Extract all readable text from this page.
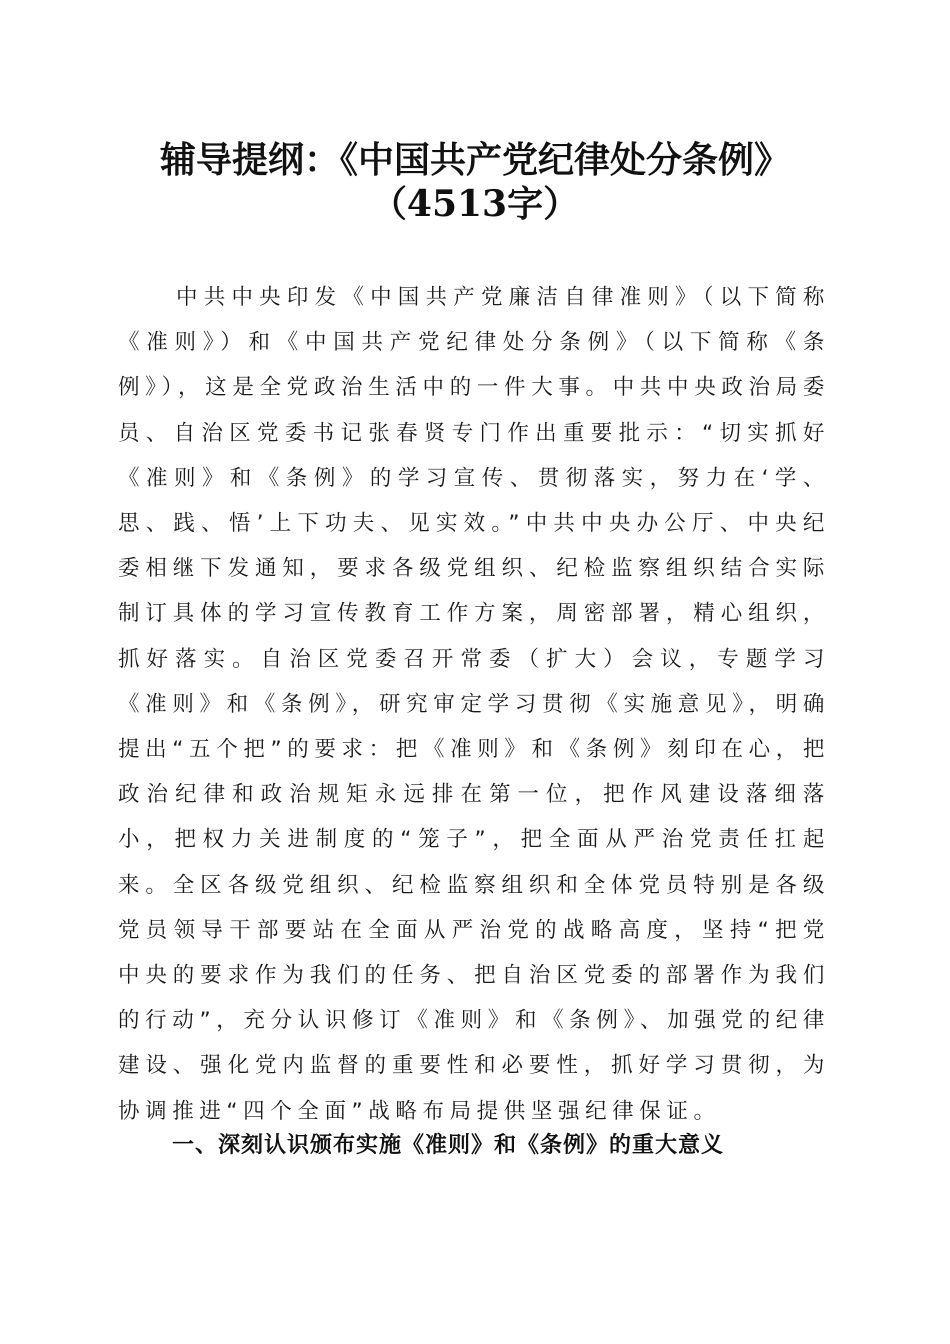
辅导提纲：《中国共产党纪律处分条例》
（4513字）

中共中央印发《中国共产党廉洁自律准则》（以下简称《准则》）和《中国共产党纪律处分条例》（以下简称《条例》），这是全党政治生活中的一件大事。中共中央政治局委员、自治区党委书记张春贤专门作出重要批示：“切实抓好《准则》和《条例》的学习宣传、贯彻落实，努力在‘学、思、践、悟’上下功夫、见实效。”中共中央办公厅、中央纪委相继下发通知，要求各级党组织、纪检监察组织结合实际制订具体的学习宣传教育工作方案，周密部署，精心组织，抓好落实。自治区党委召开常委（扩大）会议，专题学习《准则》和《条例》，研究审定学习贯彻《实施意见》，明确提出“五个把”的要求：把《准则》和《条例》刻印在心，把政治纪律和政治规矩永远排在第一位，把作风建设落细落小，把权力关进制度的“笼子”，把全面从严治党责任扛起来。全区各级党组织、纪检监察组织和全体党员特别是各级党员领导干部要站在全面从严治党的战略高度，坚持“把党中央的要求作为我们的任务、把自治区党委的部署作为我们的行动”，充分认识修订《准则》和《条例》、加强党的纪律建设、强化党内监督的重要性和必要性，抓好学习贯彻，为协调推进“四个全面”战略布局提供坚强纪律保证。

一、深刻认识颁布实施《准则》和《条例》的重大意义
